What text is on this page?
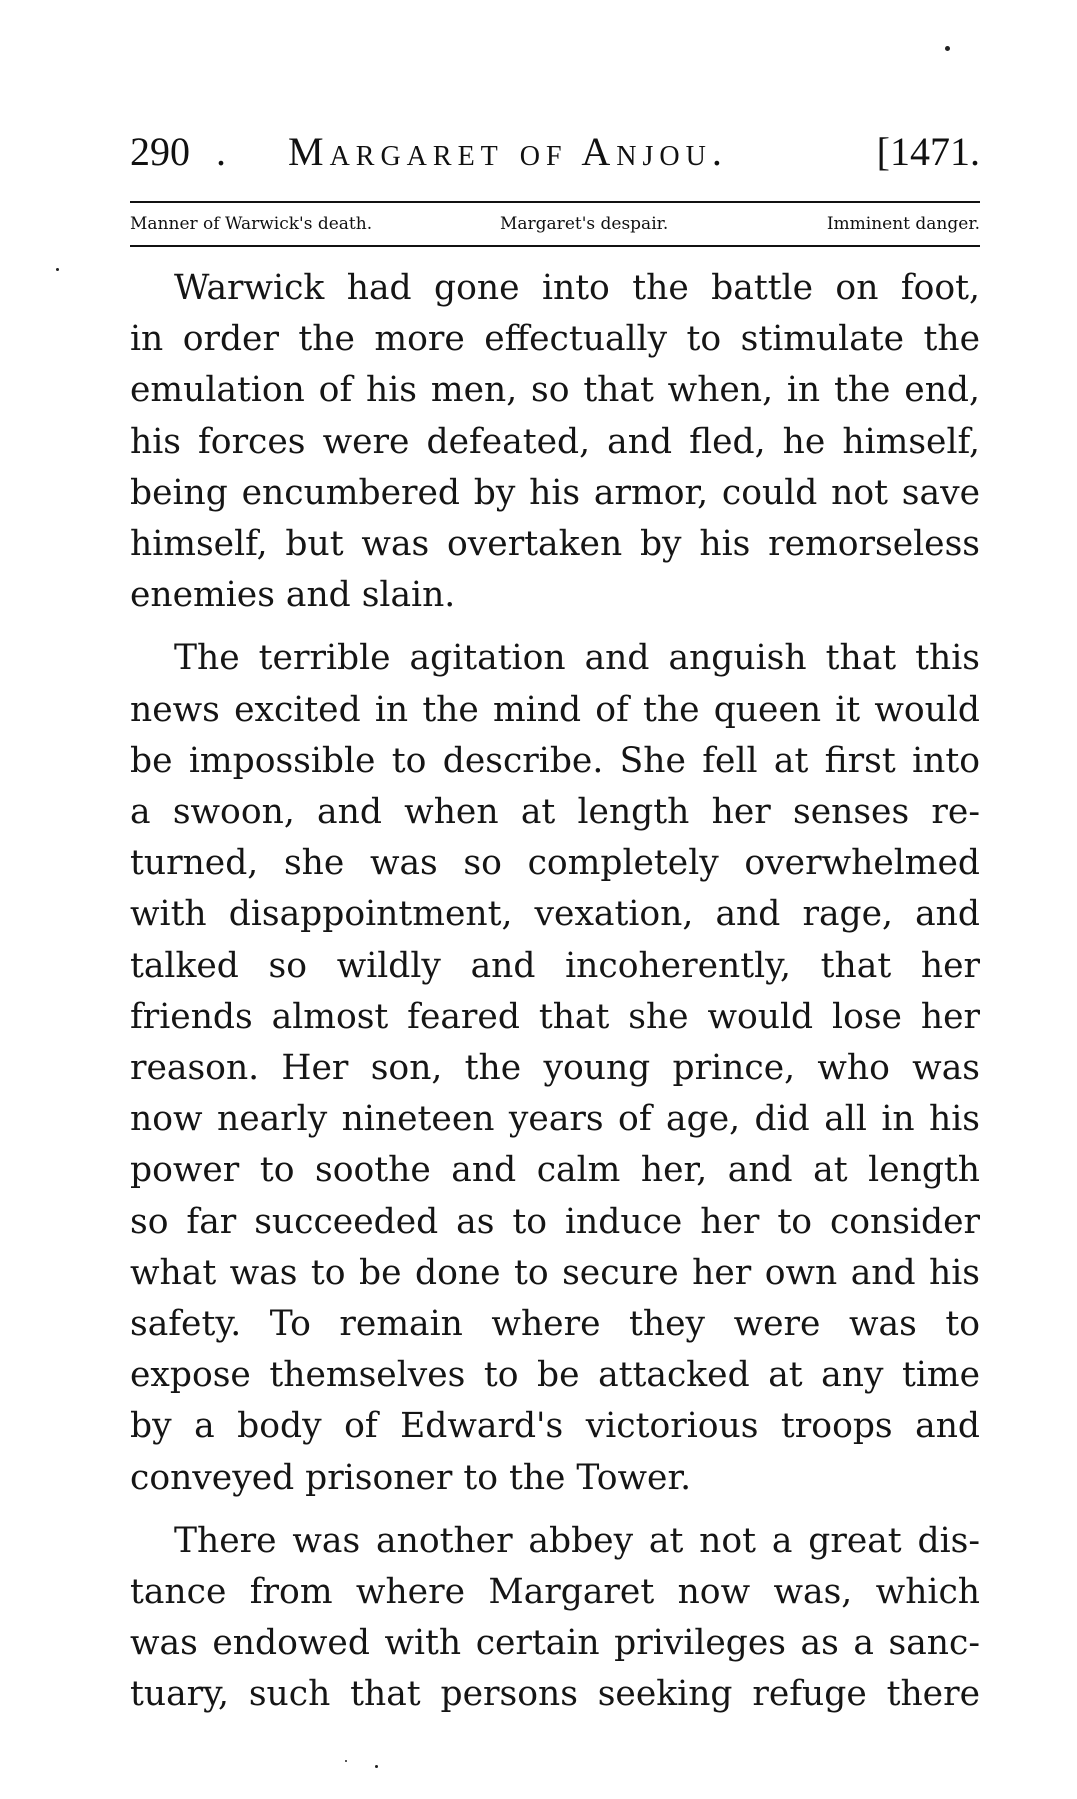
290 . Margaret of Anjou.	[1471.
Manner of Warwick's death.	Margaret's despair.	Imminent danger.

Warwick had gone into the battle on foot,
in order the more effectually to stimulate the
emulation of his men, so that when, in the end,
his forces were defeated, and fled, he himself,
being encumbered by his armor, could not save
himself, but was overtaken by his remorseless
enemies and slain.

The terrible agitation and anguish that this
news excited in the mind of the queen it would
be impossible to describe. She fell at first into
a swoon, and when at length her senses re-
turned, she was so completely overwhelmed
with disappointment, vexation, and rage, and
talked so wildly and incoherently, that her
friends almost feared that she would lose her
reason. Her son, the young prince, who was
now nearly nineteen years of age, did all in his
power to soothe and calm her, and at length
so far succeeded as to induce her to consider
what was to be done to secure her own and his
safety. To remain where they were was to
expose themselves to be attacked at any time
by a body of Edward's victorious troops and
conveyed prisoner to the Tower.

There was another abbey at not a great dis-
tance from where Margaret now was, which
was endowed with certain privileges as a sanc-
tuary, such that persons seeking refuge there
